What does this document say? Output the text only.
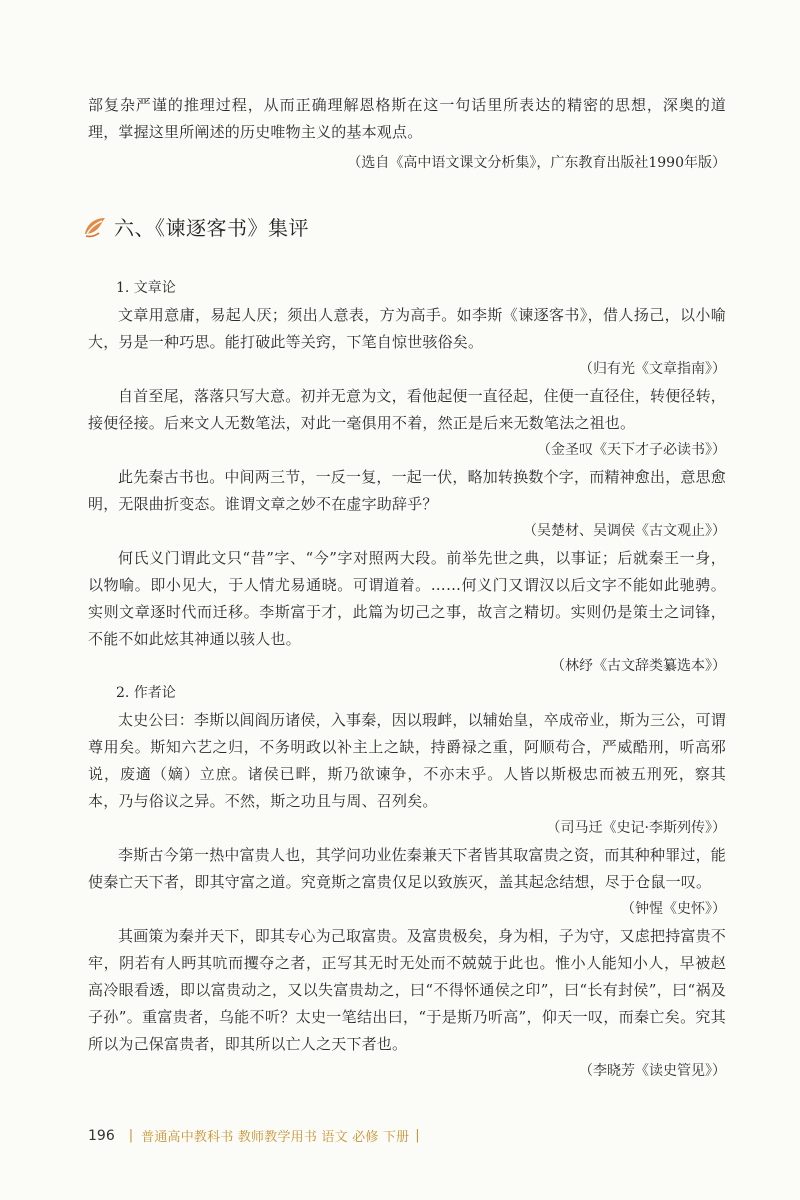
部复杂严谨的推理过程，从而正确理解恩格斯在这一句话里所表达的精密的思想，深奥的道理，掌握这里所阐述的历史唯物主义的基本观点。

（选自《高中语文课文分析集》，广东教育出版社1990年版）

六、《谏逐客书》集评

1. 文章论

文章用意庸，易起人厌；须出人意表，方为高手。如李斯《谏逐客书》，借人扬己，以小喻大，另是一种巧思。能打破此等关窍，下笔自惊世骇俗矣。

（归有光《文章指南》）

自首至尾，落落只写大意。初并无意为文，看他起便一直径起，住便一直径住，转便径转，接便径接。后来文人无数笔法，对此一毫俱用不着，然正是后来无数笔法之祖也。

（金圣叹《天下才子必读书》）

此先秦古书也。中间两三节，一反一复，一起一伏，略加转换数个字，而精神愈出，意思愈明，无限曲折变态。谁谓文章之妙不在虚字助辞乎？

（吴楚材、吴调侯《古文观止》）

何氏义门谓此文只“昔”字、“今”字对照两大段。前举先世之典，以事证；后就秦王一身，以物喻。即小见大，于人情尤易通晓。可谓道着。……何义门又谓汉以后文字不能如此驰骋。实则文章逐时代而迁移。李斯富于才，此篇为切己之事，故言之精切。实则仍是策士之词锋，不能不如此炫其神通以骇人也。

（林纾《古文辞类纂选本》）

2. 作者论

太史公曰：李斯以闾阎历诸侯，入事秦，因以瑕衅，以辅始皇，卒成帝业，斯为三公，可谓尊用矣。斯知六艺之归，不务明政以补主上之缺，持爵禄之重，阿顺苟合，严威酷刑，听高邪说，废適（嫡）立庶。诸侯已畔，斯乃欲谏争，不亦末乎。人皆以斯极忠而被五刑死，察其本，乃与俗议之异。不然，斯之功且与周、召列矣。

（司马迁《史记·李斯列传》）

李斯古今第一热中富贵人也，其学问功业佐秦兼天下者皆其取富贵之资，而其种种罪过，能使秦亡天下者，即其守富之道。究竟斯之富贵仅足以致族灭，盖其起念结想，尽于仓鼠一叹。

（钟惺《史怀》）

其画策为秦并天下，即其专心为己取富贵。及富贵极矣，身为相，子为守，又虑把持富贵不牢，阴若有人眄其吭而攫夺之者，正写其无时无处而不兢兢于此也。惟小人能知小人，早被赵高冷眼看透，即以富贵动之，又以失富贵劫之，曰“不得怀通侯之印”，曰“长有封侯”，曰“祸及子孙”。重富贵者，乌能不听？太史一笔结出曰，“于是斯乃听高”，仰天一叹，而秦亡矣。究其所以为己保富贵者，即其所以亡人之天下者也。

（李晓芳《读史管见》）

196 | 普通高中教科书 教师教学用书 语文 必修 下册 |
